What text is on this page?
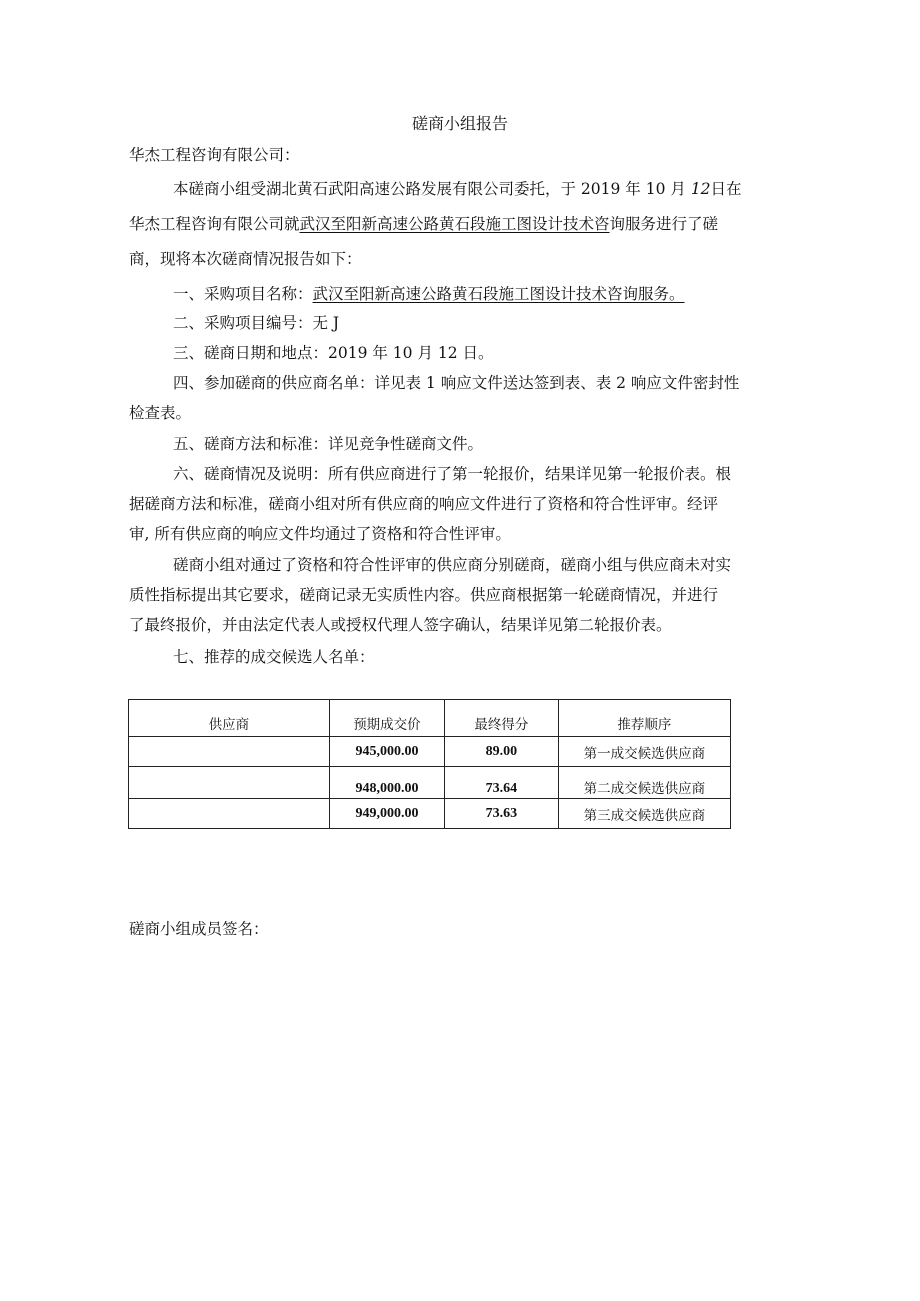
磋商小组报告
华杰工程咨询有限公司：
本磋商小组受湖北黄石武阳高速公路发展有限公司委托，于 2019 年 10 月 12日在
华杰工程咨询有限公司就武汉至阳新高速公路黄石段施工图设计技术咨询服务进行了磋
商，现将本次磋商情况报告如下：
一、采购项目名称：武汉至阳新高速公路黄石段施工图设计技术咨询服务。
二、采购项目编号：无 J
三、磋商日期和地点：2019 年 10 月 12 日。
四、参加磋商的供应商名单：详见表 1 响应文件送达签到表、表 2 响应文件密封性
检查表。
五、磋商方法和标准：详见竞争性磋商文件。
六、磋商情况及说明：所有供应商进行了第一轮报价，结果详见第一轮报价表。根
据磋商方法和标准，磋商小组对所有供应商的响应文件进行了资格和符合性评审。经评
审, 所有供应商的响应文件均通过了资格和符合性评审。
磋商小组对通过了资格和符合性评审的供应商分别磋商，磋商小组与供应商未对实
质性指标提出其它要求，磋商记录无实质性内容。供应商根据第一轮磋商情况，并进行
了最终报价，并由法定代表人或授权代理人签字确认，结果详见第二轮报价表。
七、推荐的成交候选人名单：
供应商	预期成交价	最终得分	推荐顺序
	945,000.00	89.00	第一成交候选供应商
	948,000.00	73.64	第二成交候选供应商
	949,000.00	73.63	第三成交候选供应商
磋商小组成员签名：
